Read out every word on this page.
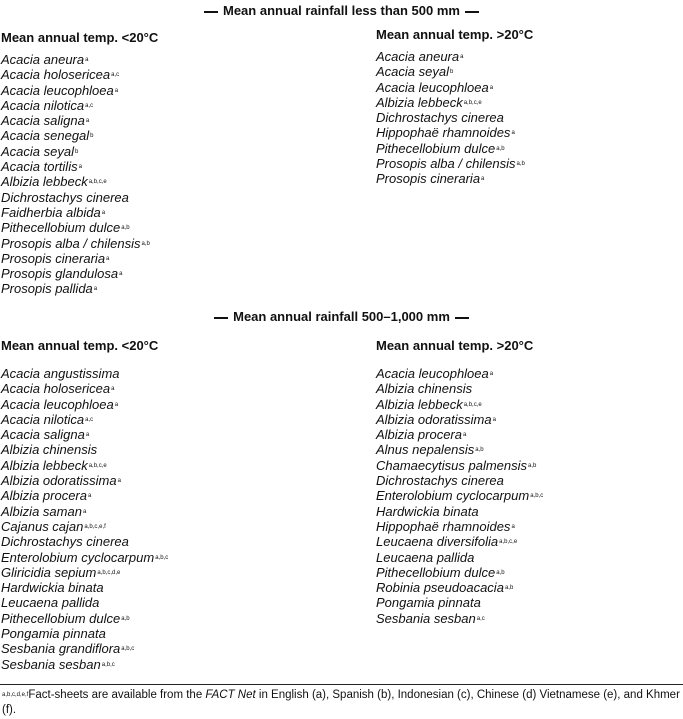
Mean annual rainfall less than 500 mm
Mean annual temp. <20°C
Acacia aneura$^a$
Acacia holosericea$^{a,c}$
Acacia leucophloea$^a$
Acacia nilotica$^{a,c}$
Acacia saligna$^a$
Acacia senegal$^b$
Acacia seyal$^b$
Acacia tortilis$^a$
Albizia lebbeck$^{a,b,c,e}$
Dichrostachys cinerea
Faidherbia albida$^a$
Pithecellobium dulce$^{a,b}$
Prosopis alba / chilensis$^{a,b}$
Prosopis cineraria$^a$
Prosopis glandulosa$^a$
Prosopis pallida$^a$
Mean annual temp. >20°C
Acacia aneura$^a$
Acacia seyal$^b$
Acacia leucophloea$^a$
Albizia lebbeck$^{a,b,c,e}$
Dichrostachys cinerea
Hippophaë rhamnoides$^a$
Pithecellobium dulce$^{a,b}$
Prosopis alba / chilensis$^{a,b}$
Prosopis cineraria$^a$
Mean annual rainfall 500–1,000 mm
Mean annual temp. <20°C
Acacia angustissima
Acacia holosericea$^a$
Acacia leucophloea$^a$
Acacia nilotica$^{a,c}$
Acacia saligna$^a$
Albizia chinensis
Albizia lebbeck$^{a,b,c,e}$
Albizia odoratissima$^a$
Albizia procera$^a$
Albizia saman$^a$
Cajanus cajan$^{a,b,c,e,f}$
Dichrostachys cinerea
Enterolobium cyclocarpum$^{a,b,c}$
Gliricidia sepium$^{a,b,c,d,e}$
Hardwickia binata
Leucaena pallida
Pithecellobium dulce$^{a,b}$
Pongamia pinnata
Sesbania grandiflora$^{a,b,c}$
Sesbania sesban$^{a,b,c}$
Mean annual temp. >20°C
Acacia leucophloea$^a$
Albizia chinensis
Albizia lebbeck$^{a,b,c,e}$
Albizia odoratissima$^a$
Albizia procera$^a$
Alnus nepalensis$^{a,b}$
Chamaecytisus palmensis$^{a,b}$
Dichrostachys cinerea
Enterolobium cyclocarpum$^{a,b,c}$
Hardwickia binata
Hippophaë rhamnoides$^a$
Leucaena diversifolia$^{a,b,c,e}$
Leucaena pallida
Pithecellobium dulce$^{a,b}$
Robinia pseudoacacia$^{a,b}$
Pongamia pinnata
Sesbania sesban$^{a,c}$
$^{a,b,c,d,e,f}$Fact-sheets are available from the FACT Net in English (a), Spanish (b), Indonesian (c), Chinese (d) Vietnamese (e), and Khmer (f).
